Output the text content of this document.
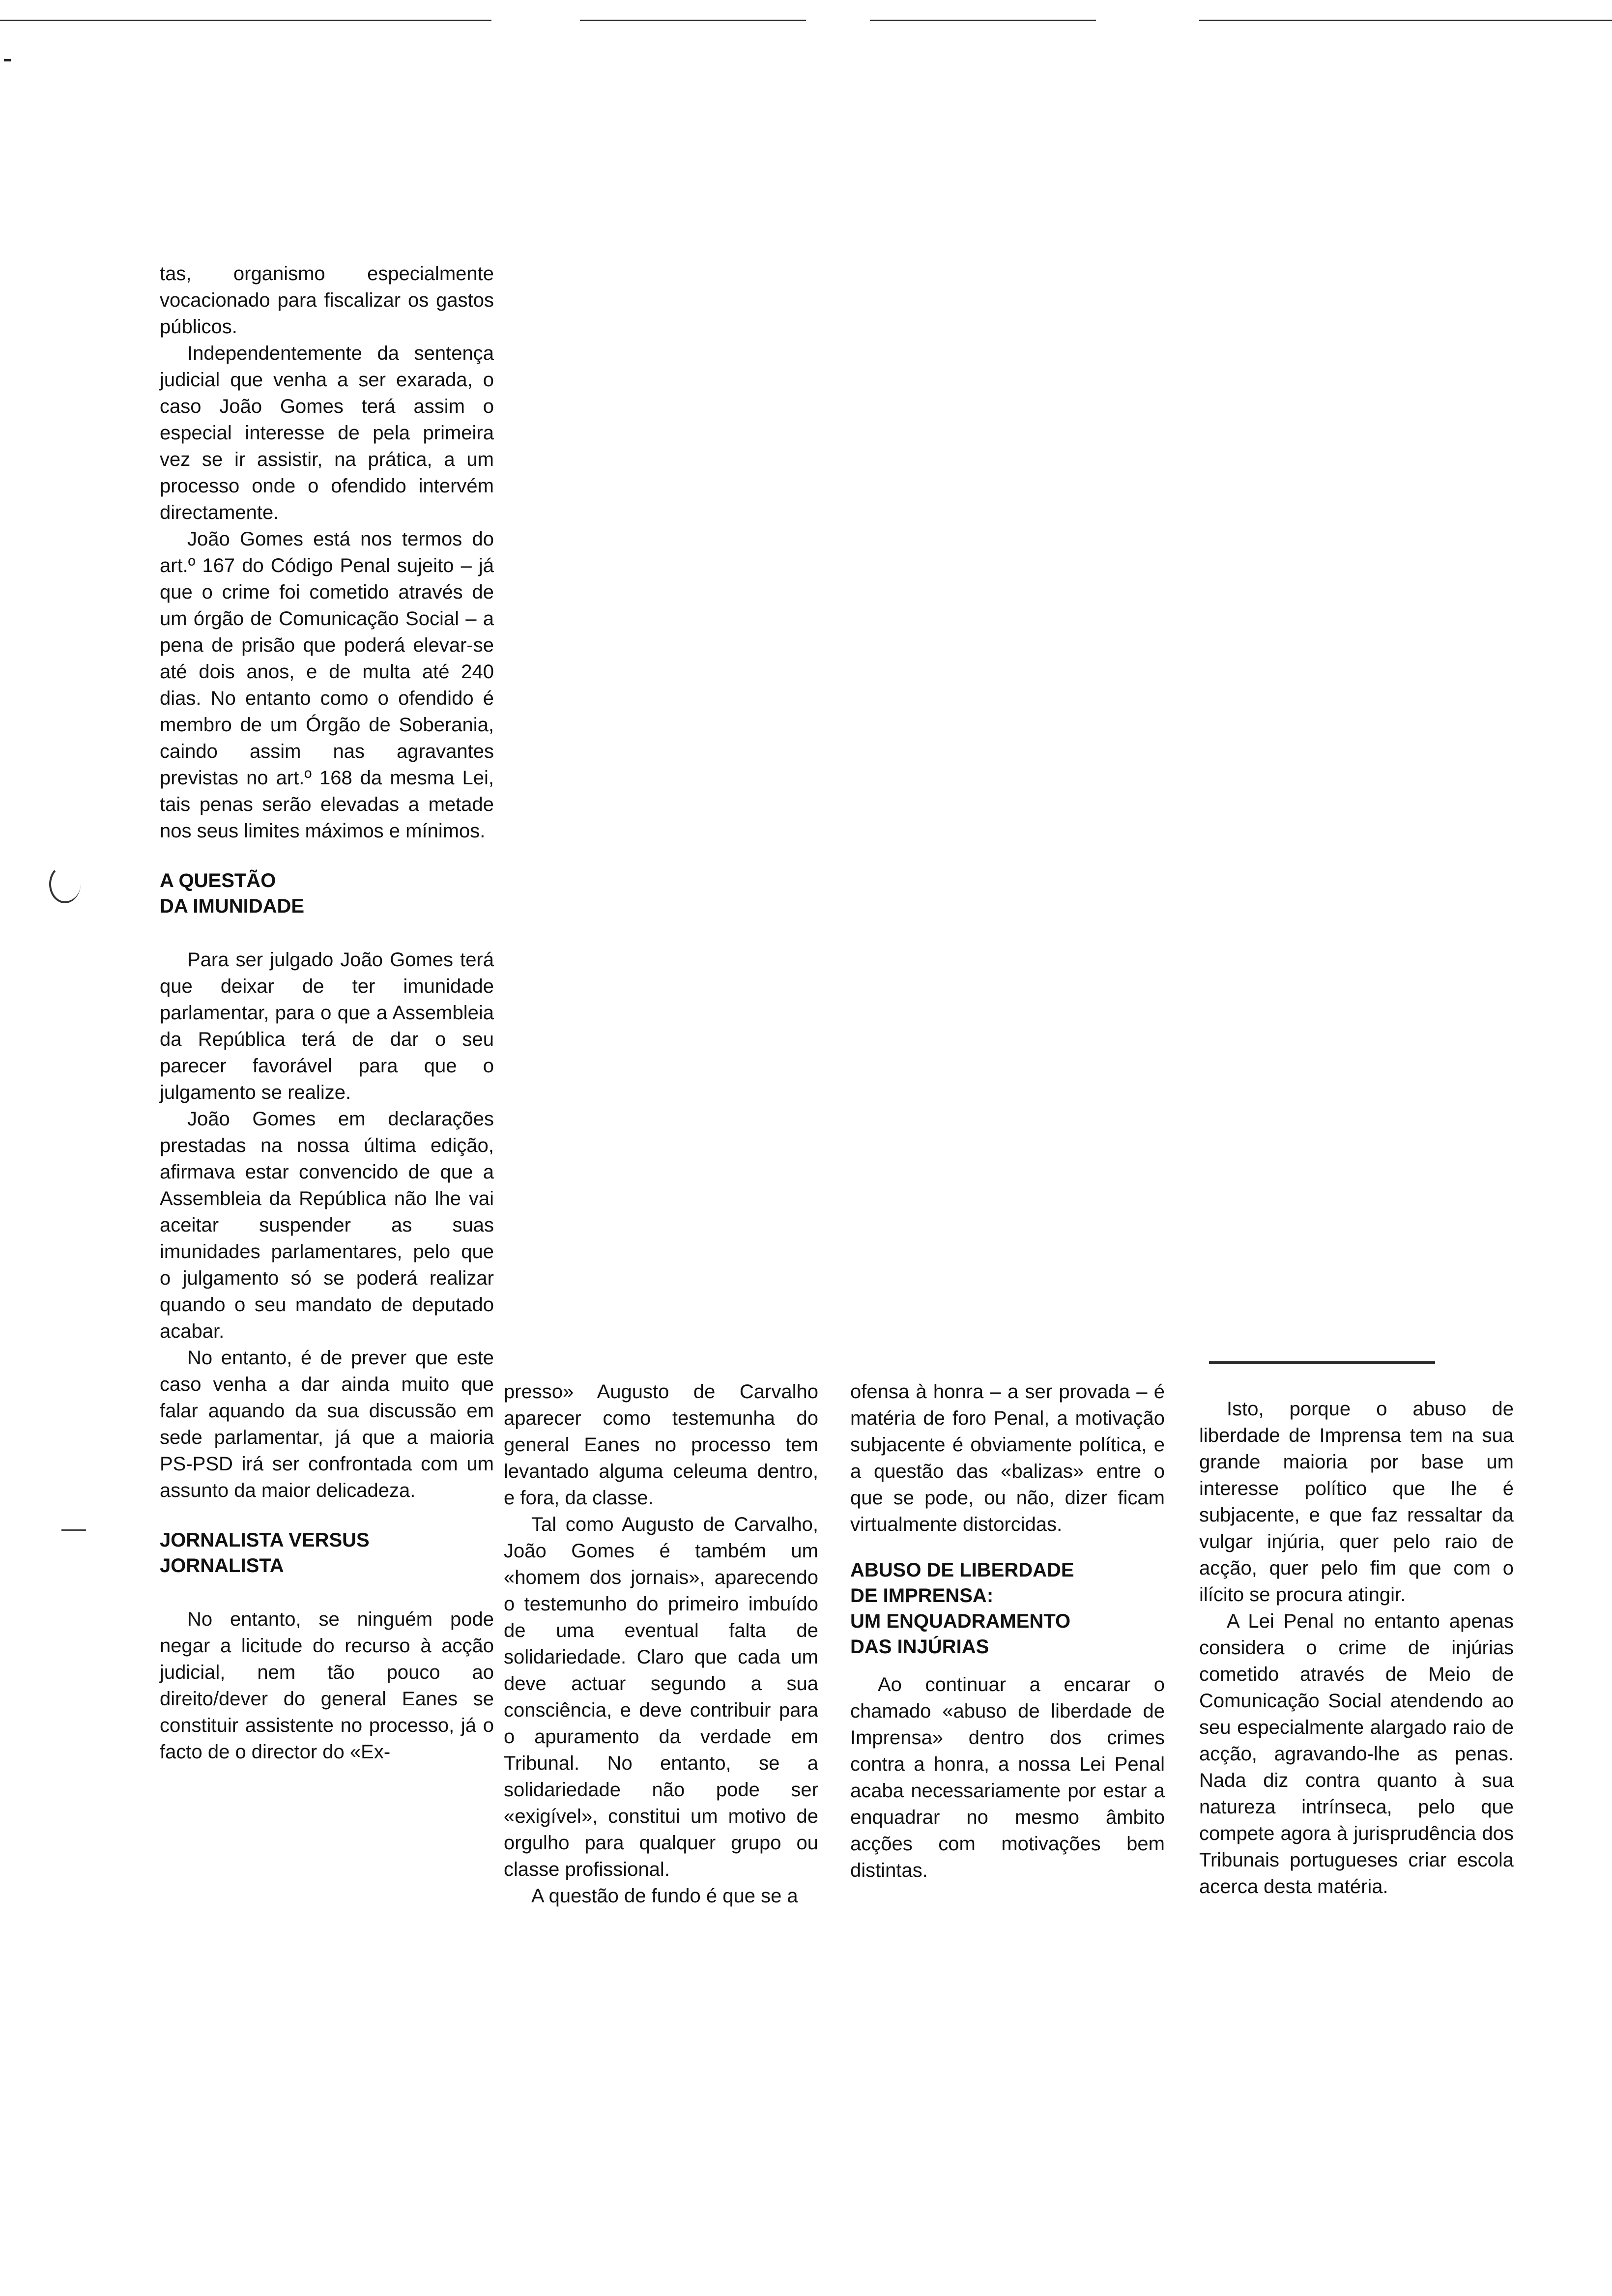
tas, organismo especialmente vocacionado para fiscalizar os gastos públicos.

Independentemente da sentença judicial que venha a ser exarada, o caso João Gomes terá assim o especial interesse de pela primeira vez se ir assistir, na prática, a um processo onde o ofendido intervém directamente.

João Gomes está nos termos do art.º 167 do Código Penal sujeito – já que o crime foi cometido através de um órgão de Comunicação Social – a pena de prisão que poderá elevar-se até dois anos, e de multa até 240 dias. No entanto como o ofendido é membro de um Órgão de Soberania, caindo assim nas agravantes previstas no art.º 168 da mesma Lei, tais penas serão elevadas a metade nos seus limites máximos e mínimos.

A QUESTÃO
DA IMUNIDADE

Para ser julgado João Gomes terá que deixar de ter imunidade parlamentar, para o que a Assembleia da República terá de dar o seu parecer favorável para que o julgamento se realize.

João Gomes em declarações prestadas na nossa última edição, afirmava estar convencido de que a Assembleia da República não lhe vai aceitar suspender as suas imunidades parlamentares, pelo que o julgamento só se poderá realizar quando o seu mandato de deputado acabar.

No entanto, é de prever que este caso venha a dar ainda muito que falar aquando da sua discussão em sede parlamentar, já que a maioria PS-PSD irá ser confrontada com um assunto da maior delicadeza.

JORNALISTA VERSUS
JORNALISTA

No entanto, se ninguém pode negar a licitude do recurso à acção judicial, nem tão pouco ao direito/dever do general Eanes se constituir assistente no processo, já o facto de o director do «Ex-

presso» Augusto de Carvalho aparecer como testemunha do general Eanes no processo tem levantado alguma celeuma dentro, e fora, da classe.

Tal como Augusto de Carvalho, João Gomes é também um «homem dos jornais», aparecendo o testemunho do primeiro imbuído de uma eventual falta de solidariedade. Claro que cada um deve actuar segundo a sua consciência, e deve contribuir para o apuramento da verdade em Tribunal. No entanto, se a solidariedade não pode ser «exigível», constitui um motivo de orgulho para qualquer grupo ou classe profissional.

A questão de fundo é que se a

ofensa à honra – a ser provada – é matéria de foro Penal, a motivação subjacente é obviamente política, e a questão das «balizas» entre o que se pode, ou não, dizer ficam virtualmente distorcidas.

ABUSO DE LIBERDADE
DE IMPRENSA:
UM ENQUADRAMENTO
DAS INJÚRIAS

Ao continuar a encarar o chamado «abuso de liberdade de Imprensa» dentro dos crimes contra a honra, a nossa Lei Penal acaba necessariamente por estar a enquadrar no mesmo âmbito acções com motivações bem distintas.

Isto, porque o abuso de liberdade de Imprensa tem na sua grande maioria por base um interesse político que lhe é subjacente, e que faz ressaltar da vulgar injúria, quer pelo raio de acção, quer pelo fim que com o ilícito se procura atingir.

A Lei Penal no entanto apenas considera o crime de injúrias cometido através de Meio de Comunicação Social atendendo ao seu especialmente alargado raio de acção, agravando-lhe as penas. Nada diz contra quanto à sua natureza intrínseca, pelo que compete agora à jurisprudência dos Tribunais portugueses criar escola acerca desta matéria.
